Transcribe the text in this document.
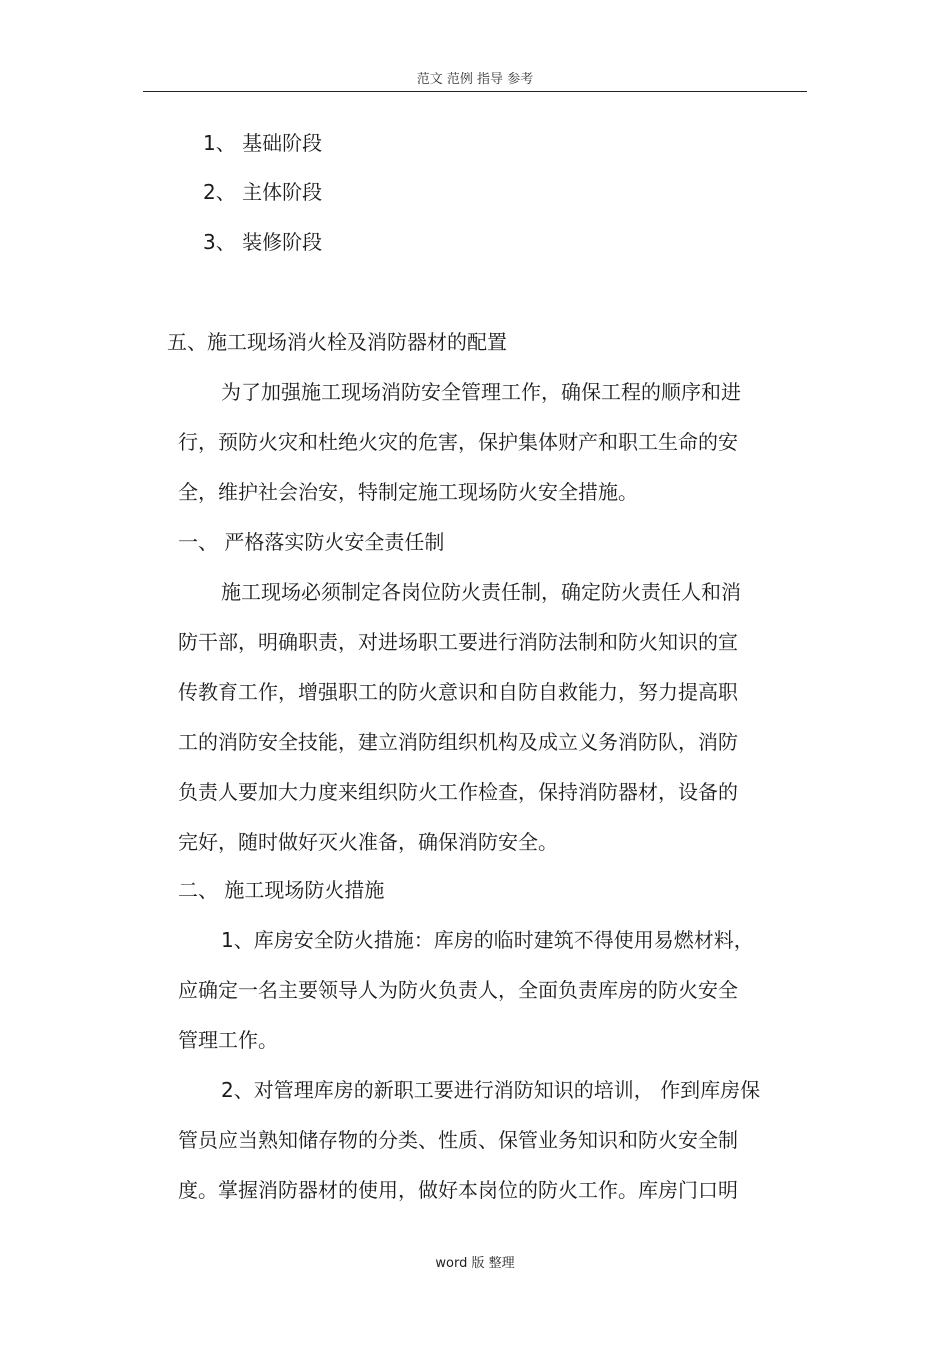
范文 范例 指导 参考
1、 基础阶段
2、 主体阶段
3、 装修阶段
五、施工现场消火栓及消防器材的配置
为了加强施工现场消防安全管理工作，确保工程的顺序和进
行，预防火灾和杜绝火灾的危害，保护集体财产和职工生命的安
全，维护社会治安，特制定施工现场防火安全措施。
一、 严格落实防火安全责任制
施工现场必须制定各岗位防火责任制，确定防火责任人和消
防干部，明确职责，对进场职工要进行消防法制和防火知识的宣
传教育工作，增强职工的防火意识和自防自救能力，努力提高职
工的消防安全技能，建立消防组织机构及成立义务消防队，消防
负责人要加大力度来组织防火工作检查，保持消防器材，设备的
完好，随时做好灭火准备，确保消防安全。
二、 施工现场防火措施
1、库房安全防火措施：库房的临时建筑不得使用易燃材料，
应确定一名主要领导人为防火负责人，全面负责库房的防火安全
管理工作。
2、对管理库房的新职工要进行消防知识的培训， 作到库房保
管员应当熟知储存物的分类、性质、保管业务知识和防火安全制
度。掌握消防器材的使用，做好本岗位的防火工作。库房门口明
word 版 整理
